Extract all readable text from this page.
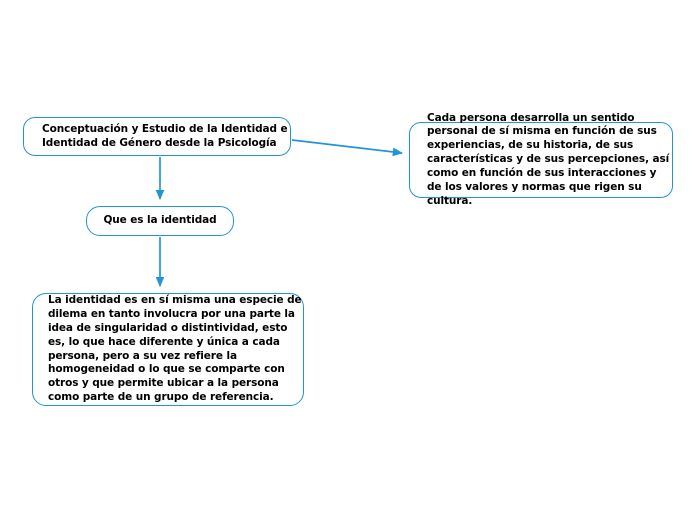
Conceptuación y Estudio de la Identidad e Identidad de Género desde la Psicología
Cada persona desarrolla un sentido personal de sí misma en función de sus experiencias, de su historia, de sus características y de sus percepciones, así como en función de sus interacciones y de los valores y normas que rigen su cultura.
Que es la identidad
La identidad es en sí misma una especie de dilema en tanto involucra por una parte la idea de singularidad o distintividad, esto es, lo que hace diferente y única a cada persona, pero a su vez refiere la homogeneidad o lo que se comparte con otros y que permite ubicar a la persona como parte de un grupo de referencia.
